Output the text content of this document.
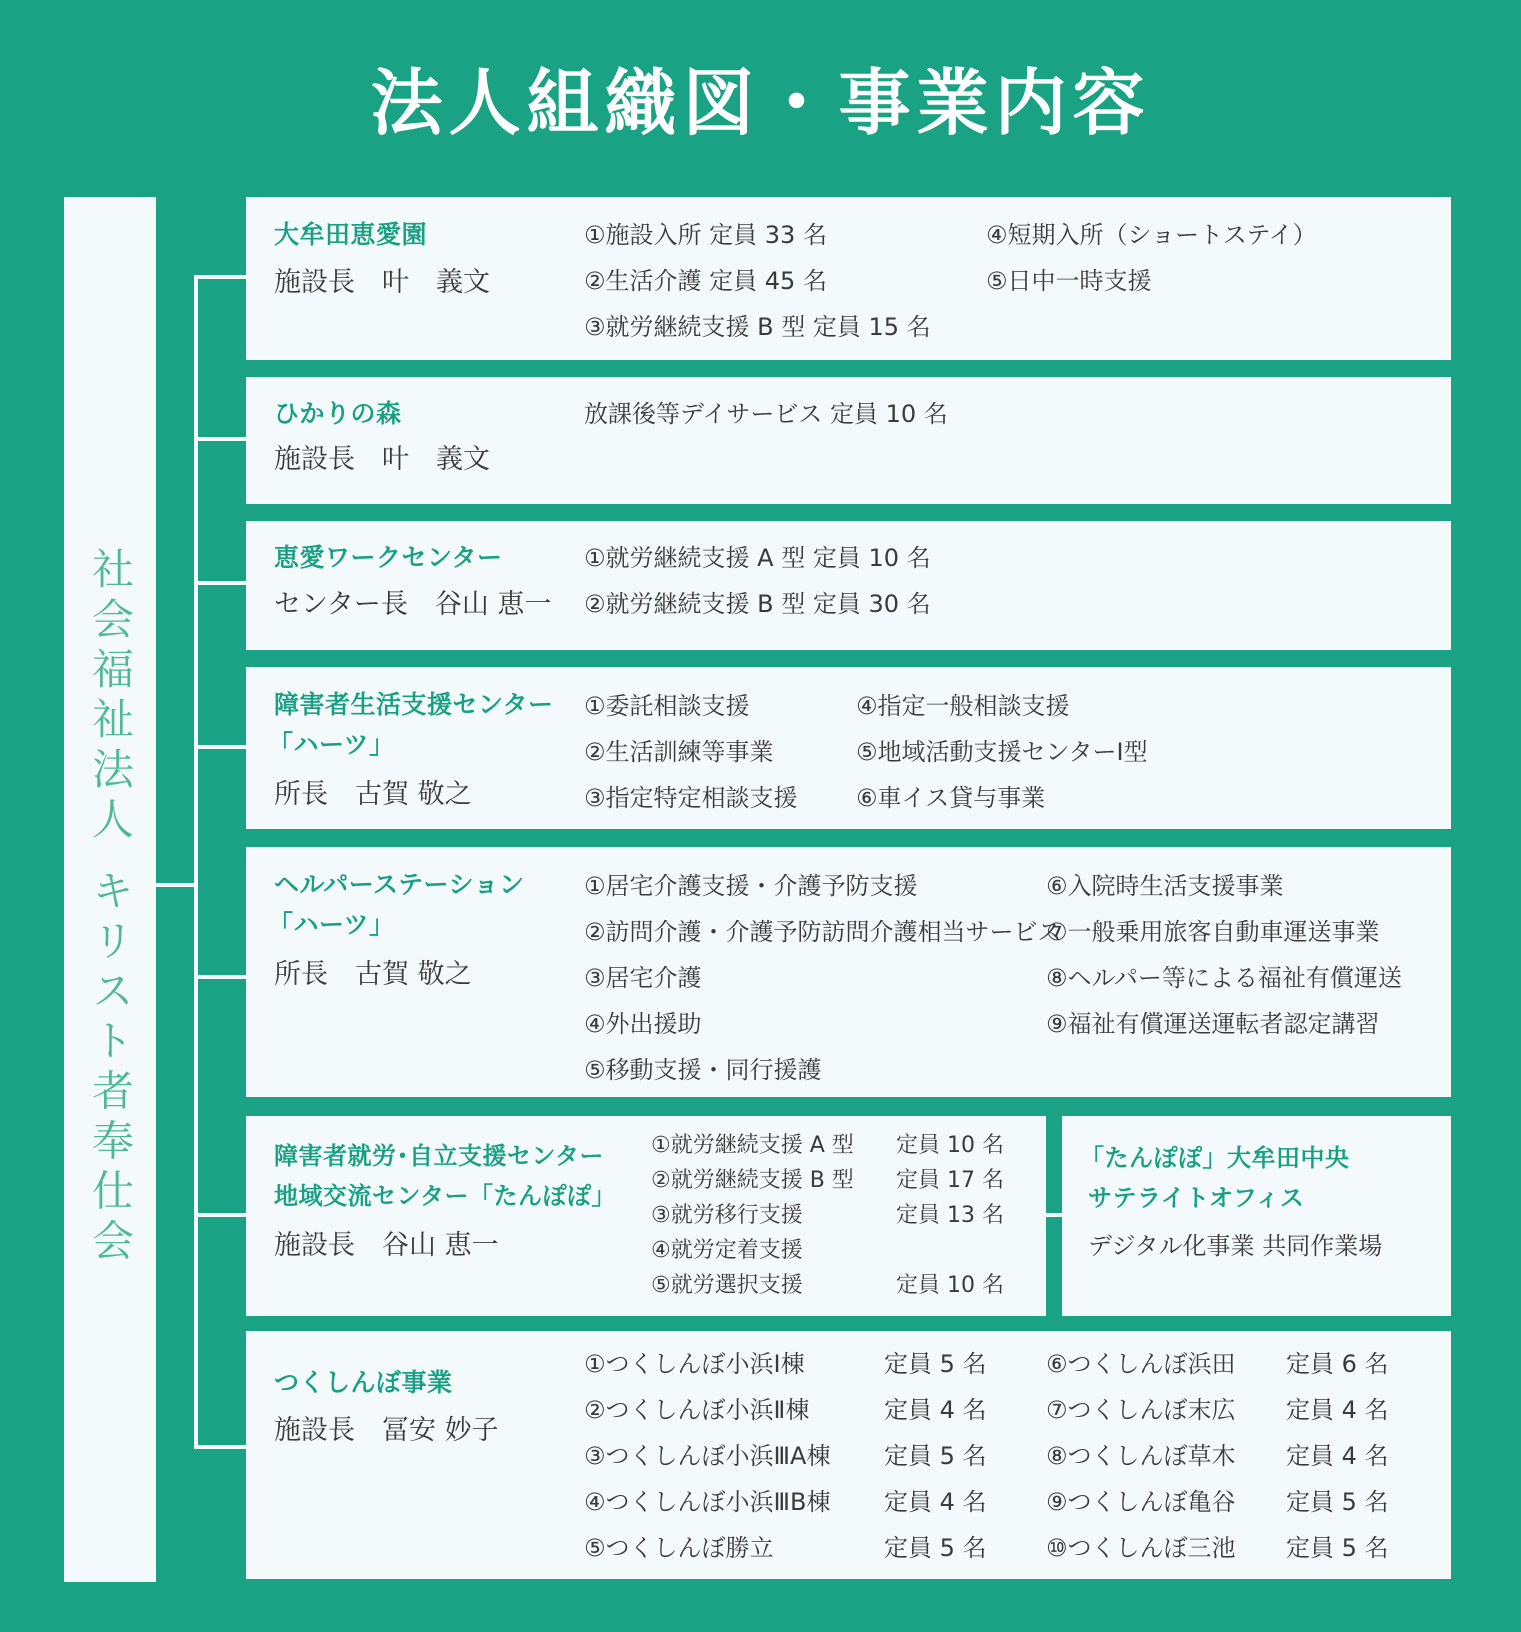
法人組織図・事業内容
社会福祉法人 キリスト者奉仕会
大牟田恵愛園
施設長　叶　義文
①施設入所 定員 33 名
②生活介護 定員 45 名
③就労継続支援 B 型 定員 15 名
④短期入所（ショートステイ）
⑤日中一時支援
ひかりの森
施設長　叶　義文
放課後等デイサービス 定員 10 名
恵愛ワークセンター
センター長　谷山 恵一
①就労継続支援 A 型 定員 10 名
②就労継続支援 B 型 定員 30 名
障害者生活支援センター
「ハーツ」
所長　古賀 敬之
①委託相談支援
②生活訓練等事業
③指定特定相談支援
④指定一般相談支援
⑤地域活動支援センターⅠ型
⑥車イス貸与事業
ヘルパーステーション
「ハーツ」
所長　古賀 敬之
①居宅介護支援・介護予防支援
②訪問介護・介護予防訪問介護相当サービス
③居宅介護
④外出援助
⑤移動支援・同行援護
⑥入院時生活支援事業
⑦一般乗用旅客自動車運送事業
⑧ヘルパー等による福祉有償運送
⑨福祉有償運送運転者認定講習
障害者就労･自立支援センター
地域交流センター「たんぽぽ」
施設長　谷山 恵一
①就労継続支援 A 型 定員 10 名
②就労継続支援 B 型 定員 17 名
③就労移行支援	定員 13 名
④就労定着支援
⑤就労選択支援	定員 10 名
「たんぽぽ」大牟田中央
サテライトオフィス
デジタル化事業 共同作業場
つくしんぼ事業
施設長　冨安 妙子
①つくしんぼ小浜Ⅰ棟	定員 5 名
②つくしんぼ小浜Ⅱ棟	定員 4 名
③つくしんぼ小浜ⅢA棟 定員 5 名
④つくしんぼ小浜ⅢB棟 定員 4 名
⑤つくしんぼ勝立	定員 5 名
⑥つくしんぼ浜田 定員 6 名
⑦つくしんぼ末広 定員 4 名
⑧つくしんぼ草木 定員 4 名
⑨つくしんぼ亀谷 定員 5 名
⑩つくしんぼ三池 定員 5 名
